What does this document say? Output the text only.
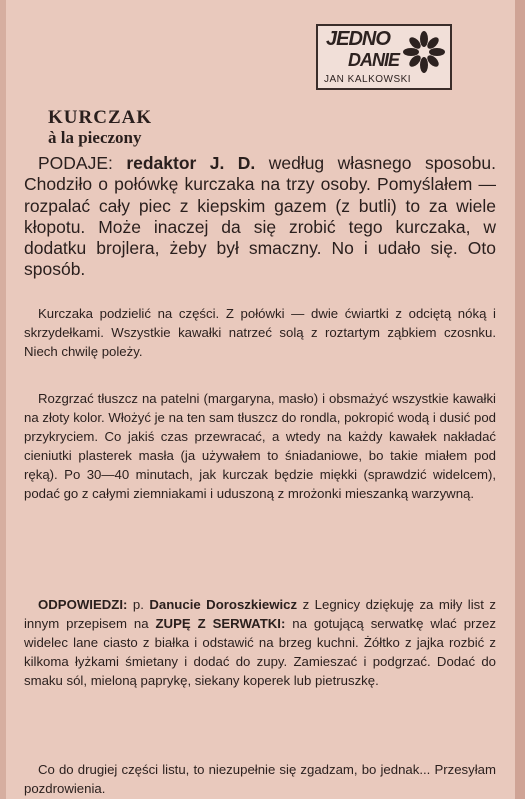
JEDNO
DANIE
JAN KALKOWSKI
KURCZAK
à la pieczony

PODAJE: redaktor J. D. według własnego sposobu. Chodziło o połówkę kurczaka na trzy osoby. Pomyślałem — rozpalać cały piec z kiepskim gazem (z butli) to za wiele kłopotu. Może inaczej da się zrobić tego kurczaka, w dodatku brojlera, żeby był smaczny. No i udało się. Oto sposób.

Kurczaka podzielić na części. Z połówki — dwie ćwiartki z odciętą nóką i skrzydełkami. Wszystkie kawałki natrzeć solą z roztartym ząbkiem czosnku. Niech chwilę poleży.

Rozgrzać tłuszcz na patelni (margaryna, masło) i obsmażyć wszystkie kawałki na złoty kolor. Włożyć je na ten sam tłuszcz do rondla, pokropić wodą i dusić pod przykryciem. Co jakiś czas przewracać, a wtedy na każdy kawałek nakładać cieniutki plasterek masła (ja używałem to śniadaniowe, bo takie miałem pod ręką). Po 30—40 minutach, jak kurczak będzie miękki (sprawdzić widelcem), podać go z całymi ziemniakami i uduszoną z mrożonki mieszanką warzywną.

ODPOWIEDZI: p. Danucie Doroszkiewicz z Legnicy dziękuję za miły list z innym przepisem na ZUPĘ Z SERWATKI: na gotującą serwatkę wlać przez widelec lane ciasto z białka i odstawić na brzeg kuchni. Żółtko z jajka rozbić z kilkoma łyżkami śmietany i dodać do zupy. Zamieszać i podgrzać. Dodać do smaku sól, mieloną paprykę, siekany koperek lub pietruszkę.

Co do drugiej części listu, to niezupełnie się zgadzam, bo jednak... Przesyłam pozdrowienia.
